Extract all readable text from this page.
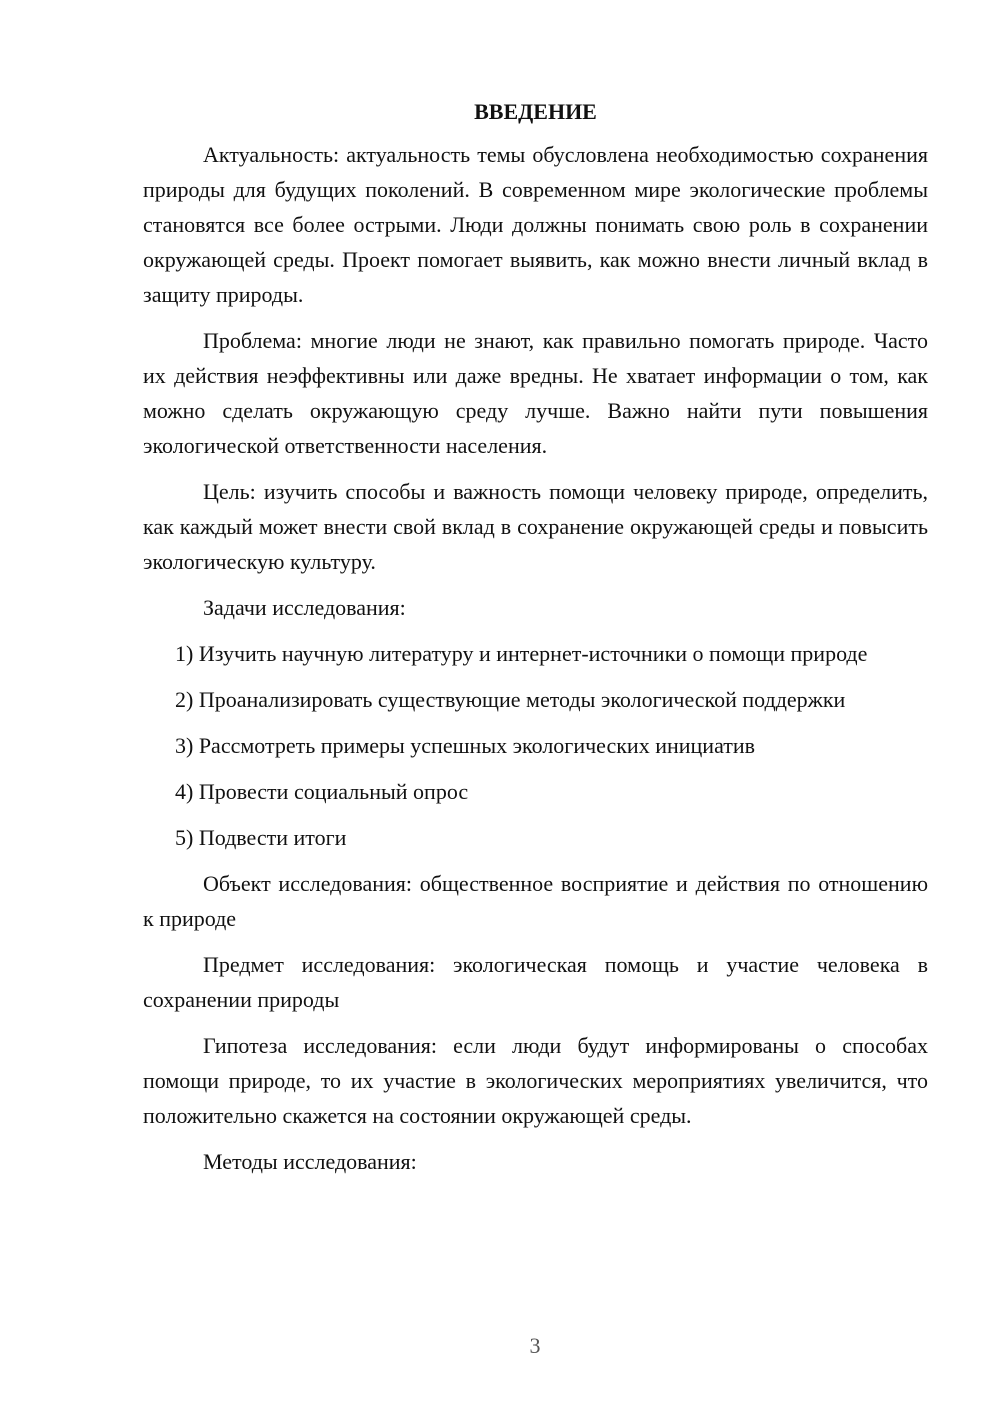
ВВЕДЕНИЕ

Актуальность: актуальность темы обусловлена необходимостью сохранения природы для будущих поколений. В современном мире экологические проблемы становятся все более острыми. Люди должны понимать свою роль в сохранении окружающей среды. Проект помогает выявить, как можно внести личный вклад в защиту природы.

Проблема: многие люди не знают, как правильно помогать природе. Часто их действия неэффективны или даже вредны. Не хватает информации о том, как можно сделать окружающую среду лучше. Важно найти пути повышения экологической ответственности населения.

Цель: изучить способы и важность помощи человеку природе, определить, как каждый может внести свой вклад в сохранение окружающей среды и повысить экологическую культуру.

Задачи исследования:

1) Изучить научную литературу и интернет-источники о помощи природе

2) Проанализировать существующие методы экологической поддержки

3) Рассмотреть примеры успешных экологических инициатив

4) Провести социальный опрос

5) Подвести итоги

Объект исследования: общественное восприятие и действия по отношению к природе

Предмет исследования: экологическая помощь и участие человека в сохранении природы

Гипотеза исследования: если люди будут информированы о способах помощи природе, то их участие в экологических мероприятиях увеличится, что положительно скажется на состоянии окружающей среды.

Методы исследования:

3
